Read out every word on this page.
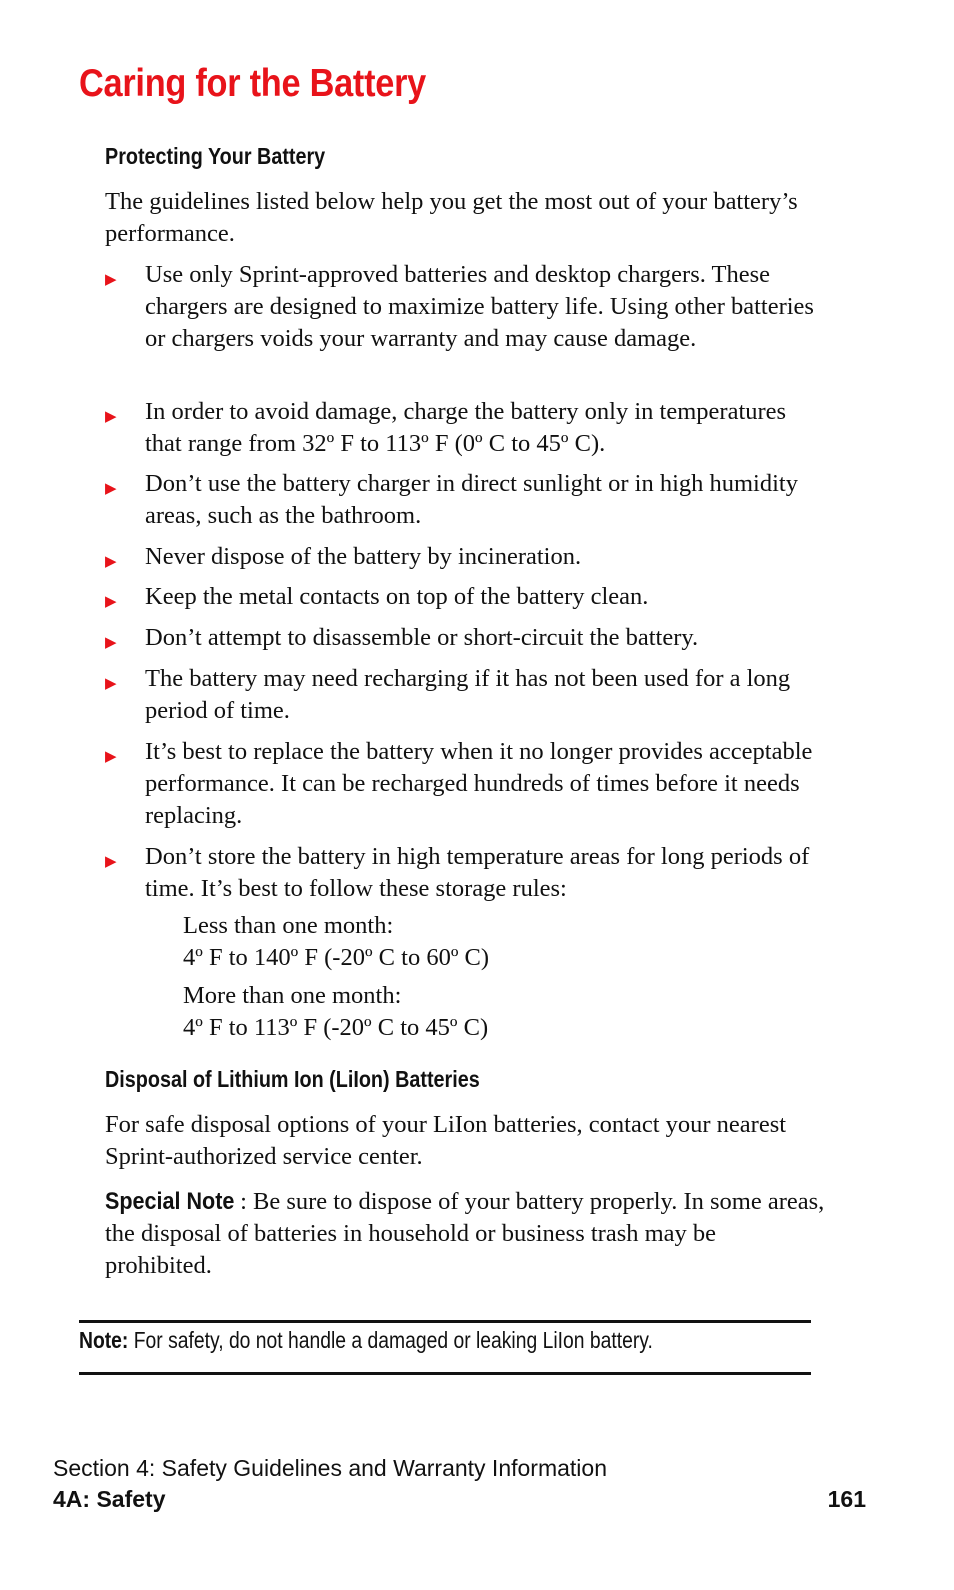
Caring for the Battery
Protecting Your Battery

The guidelines listed below help you get the most out of your battery’s performance.

▶ Use only Sprint-approved batteries and desktop chargers. These chargers are designed to maximize battery life. Using other batteries or chargers voids your warranty and may cause damage.
▶ In order to avoid damage, charge the battery only in temperatures that range from 32º F to 113º F (0º C to 45º C).
▶ Don’t use the battery charger in direct sunlight or in high humidity areas, such as the bathroom.
▶ Never dispose of the battery by incineration.
▶ Keep the metal contacts on top of the battery clean.
▶ Don’t attempt to disassemble or short-circuit the battery.
▶ The battery may need recharging if it has not been used for a long period of time.
▶ It’s best to replace the battery when it no longer provides acceptable performance. It can be recharged hundreds of times before it needs replacing.
▶ Don’t store the battery in high temperature areas for long periods of time. It’s best to follow these storage rules:

Less than one month:

4º F to 140º F (-20º C to 60º C)

More than one month:

4º F to 113º F (-20º C to 45º C)

Disposal of Lithium Ion (LiIon) Batteries

For safe disposal options of your LiIon batteries, contact your nearest Sprint-authorized service center.

Special Note : Be sure to dispose of your battery properly. In some areas, the disposal of batteries in household or business trash may be prohibited.

Note: For safety, do not handle a damaged or leaking LiIon battery.

Section 4: Safety Guidelines and Warranty Information

4A: Safety	161
